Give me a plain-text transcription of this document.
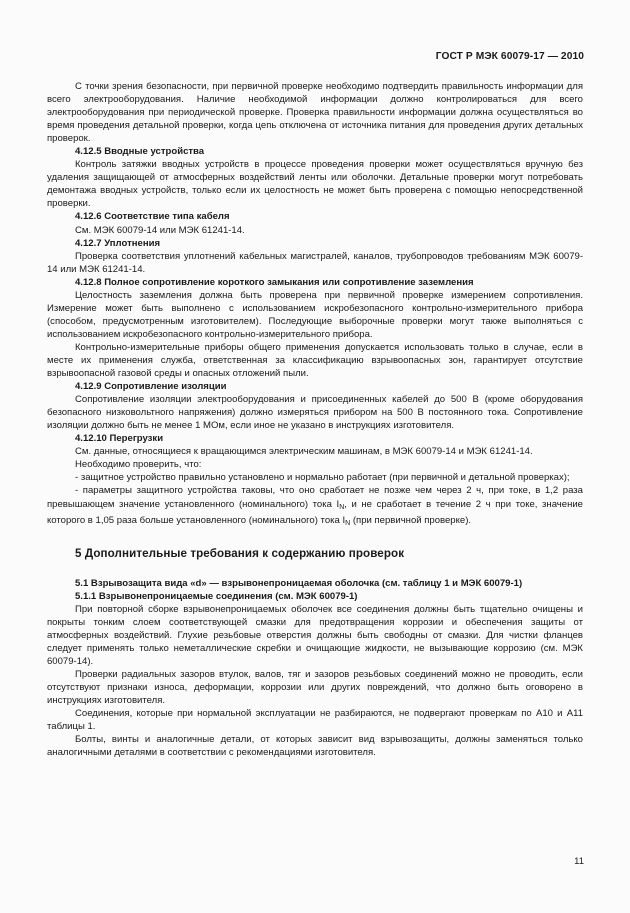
ГОСТ Р МЭК 60079-17 — 2010

С точки зрения безопасности, при первичной проверке необходимо подтвердить правильность информации для всего электрооборудования. Наличие необходимой информации должно контролироваться для всего электрооборудования при периодической проверке. Проверка правильности информации должна осуществляться во время проведения детальной проверки, когда цепь отключена от источника питания для проведения других детальных проверок.

4.12.5 Вводные устройства

Контроль затяжки вводных устройств в процессе проведения проверки может осуществляться вручную без удаления защищающей от атмосферных воздействий ленты или оболочки. Детальные проверки могут потребовать демонтажа вводных устройств, только если их целостность не может быть проверена с помощью непосредственной проверки.

4.12.6 Соответствие типа кабеля

См. МЭК 60079-14 или МЭК 61241-14.

4.12.7 Уплотнения

Проверка соответствия уплотнений кабельных магистралей, каналов, трубопроводов требованиям МЭК 60079-14 или МЭК 61241-14.

4.12.8 Полное сопротивление короткого замыкания или сопротивление заземления

Целостность заземления должна быть проверена при первичной проверке измерением сопротивления. Измерение может быть выполнено с использованием искробезопасного контрольно-измерительного прибора (способом, предусмотренным изготовителем). Последующие выборочные проверки могут также выполняться с использованием искробезопасного контрольно-измерительного прибора.

Контрольно-измерительные приборы общего применения допускается использовать только в случае, если в месте их применения служба, ответственная за классификацию взрывоопасных зон, гарантирует отсутствие взрывоопасной газовой среды и опасных отложений пыли.

4.12.9 Сопротивление изоляции

Сопротивление изоляции электрооборудования и присоединенных кабелей до 500 В (кроме оборудования безопасного низковольтного напряжения) должно измеряться прибором на 500 В постоянного тока. Сопротивление изоляции должно быть не менее 1 МОм, если иное не указано в инструкциях изготовителя.

4.12.10 Перегрузки

См. данные, относящиеся к вращающимся электрическим машинам, в МЭК 60079-14 и МЭК 61241-14.

Необходимо проверить, что:

- защитное устройство правильно установлено и нормально работает (при первичной и детальной проверках);

- параметры защитного устройства таковы, что оно сработает не позже чем через 2 ч, при токе, в 1,2 раза превышающем значение установленного (номинального) тока $I_N$, и не сработает в течение 2 ч при токе, значение которого в 1,05 раза больше установленного (номинального) тока $I_N$ (при первичной проверке).

5 Дополнительные требования к содержанию проверок

5.1 Взрывозащита вида «d» — взрывонепроницаемая оболочка (см. таблицу 1 и МЭК 60079-1)

5.1.1 Взрывонепроницаемые соединения (см. МЭК 60079-1)

При повторной сборке взрывонепроницаемых оболочек все соединения должны быть тщательно очищены и покрыты тонким слоем соответствующей смазки для предотвращения коррозии и обеспечения защиты от атмосферных воздействий. Глухие резьбовые отверстия должны быть свободны от смазки. Для чистки фланцев следует применять только неметаллические скребки и очищающие жидкости, не вызывающие коррозию (см. МЭК 60079-14).

Проверки радиальных зазоров втулок, валов, тяг и зазоров резьбовых соединений можно не проводить, если отсутствуют признаки износа, деформации, коррозии или других повреждений, что должно быть оговорено в инструкциях изготовителя.

Соединения, которые при нормальной эксплуатации не разбираются, не подвергают проверкам по А10 и А11 таблицы 1.

Болты, винты и аналогичные детали, от которых зависит вид взрывозащиты, должны заменяться только аналогичными деталями в соответствии с рекомендациями изготовителя.

11
